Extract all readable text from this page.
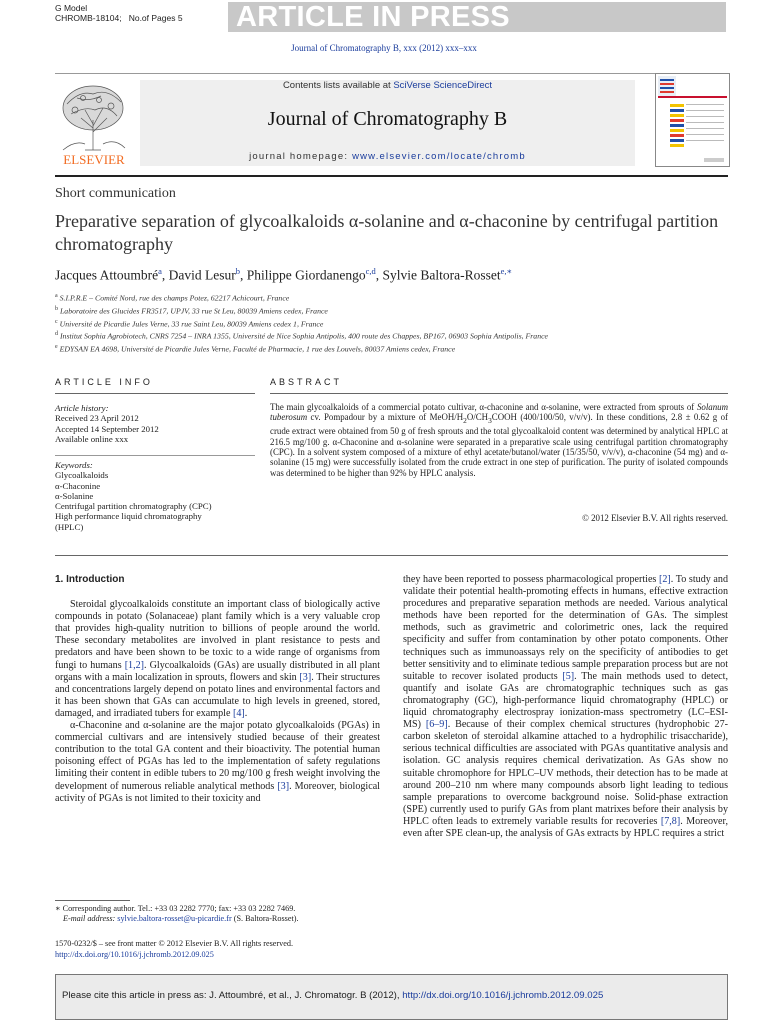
G Model
CHROMB-18104; No.of Pages 5 ARTICLE IN PRESS
Journal of Chromatography B, xxx (2012) xxx–xxx
Contents lists available at SciVerse ScienceDirect
Journal of Chromatography B
journal homepage: www.elsevier.com/locate/chromb
ELSEVIER
Short communication
Preparative separation of glycoalkaloids α-solanine and α-chaconine by centrifugal partition chromatography
Jacques Attoumbré$^a$, David Lesur$^b$, Philippe Giordanengo$^{c,d}$, Sylvie Baltora-Rosset$^{e,∗}$
$^a$ S.I.P.R.E – Comité Nord, rue des champs Potez, 62217 Achicourt, France
$^b$ Laboratoire des Glucides FR3517, UPJV, 33 rue St Leu, 80039 Amiens cedex, France
$^c$ Université de Picardie Jules Verne, 33 rue Saint Leu, 80039 Amiens cedex 1, France
$^d$ Institut Sophia Agrobiotech, CNRS 7254 – INRA 1355, Université de Nice Sophia Antipolis, 400 route des Chappes, BP167, 06903 Sophia Antipolis, France
$^e$ EDYSAN EA 4698, Université de Picardie Jules Verne, Faculté de Pharmacie, 1 rue des Louvels, 80037 Amiens cedex, France
ARTICLE INFO
Article history:
Received 23 April 2012
Accepted 14 September 2012
Available online xxx
Keywords:
Glycoalkaloids
α-Chaconine
α-Solanine
Centrifugal partition chromatography (CPC)
High performance liquid chromatography
(HPLC)
ABSTRACT
The main glycoalkaloids of a commercial potato cultivar, α-chaconine and α-solanine, were extracted from sprouts of Solanum tuberosum cv. Pompadour by a mixture of MeOH/$H_2O/CH_3COOH$ (400/100/50, v/v/v). In these conditions, 2.8 ± 0.62 g of crude extract were obtained from 50 g of fresh sprouts and the total glycoalkaloid content was determined by analytical HPLC at 216.5 mg/100 g. α-Chaconine and α-solanine were separated in a preparative scale using centrifugal partition chromatography (CPC). In a solvent system composed of a mixture of ethyl acetate/butanol/water (15/35/50, v/v/v), α-chaconine (54 mg) and α-solanine (15 mg) were successfully isolated from the crude extract in one step of purification. The purity of isolated compounds was determined to be higher than 92% by HPLC analysis.
© 2012 Elsevier B.V. All rights reserved.
1. Introduction

Steroidal glycoalkaloids constitute an important class of biologically active compounds in potato (Solanaceae) plant family which is a very valuable crop that provides high-quality nutrition to billions of people around the world. These secondary metabolites are involved in plant resistance to pests and predators and have been shown to be toxic to a wide range of organisms from fungi to humans [1,2]. Glycoalkaloids (GAs) are usually distributed in all plant organs with a main localization in sprouts, flowers and skin [3]. Their structures and concentrations largely depend on potato lines and environmental factors and it has been shown that GAs can accumulate to high levels in greened, stored, damaged, and irradiated tubers for example [4].

α-Chaconine and α-solanine are the major potato glycoalkaloids (PGAs) in commercial cultivars and are intensively studied because of their greatest contribution to the total GA content and their bioactivity. The potential human poisoning effect of PGAs has led to the implementation of safety regulations limiting their content in edible tubers to 20 mg/100 g fresh weight involving the development of numerous reliable analytical methods [3]. Moreover, biological activity of PGAs is not limited to their toxicity and

they have been reported to possess pharmacological properties [2]. To study and validate their potential health-promoting effects in humans, effective extraction procedures and preparative separation methods are needed. Various analytical methods have been reported for the determination of GAs. The simplest methods, such as gravimetric and colorimetric ones, lack the required specificity and suffer from contamination by other potato components. Other techniques such as immunoassays rely on the specificity of antibodies to get better sensitivity and to eliminate tedious sample preparation process but are not suitable to recover isolated products [5]. The main methods used to detect, quantify and isolate GAs are chromatographic techniques such as gas chromatography (GC), high-performance liquid chromatography (HPLC) or liquid chromatography electrospray ionization-mass spectrometry (LC–ESI-MS) [6–9]. Because of their complex chemical structures (hydrophobic 27-carbon skeleton of steroidal alkamine attached to a hydrophilic trisaccharide), serious technical difficulties are associated with PGAs quantitative analysis and isolation. GC analysis requires chemical derivatization. As GAs show no suitable chromophore for HPLC–UV methods, their detection has to be made at around 200–210 nm where many compounds absorb light leading to tedious sample preparations to overcome background noise. Solid-phase extraction (SPE) currently used to purify GAs from plant matrixes before their analysis by HPLC often leads to extremely variable results for recoveries [7,8]. Moreover, even after SPE clean-up, the analysis of GAs extracts by HPLC requires a strict

∗ Corresponding author. Tel.: +33 03 2282 7770; fax: +33 03 2282 7469.
E-mail address: sylvie.baltora-rosset@u-picardie.fr (S. Baltora-Rosset).
1570-0232/$ – see front matter © 2012 Elsevier B.V. All rights reserved.
http://dx.doi.org/10.1016/j.jchromb.2012.09.025
Please cite this article in press as: J. Attoumbré, et al., J. Chromatogr. B (2012), http://dx.doi.org/10.1016/j.jchromb.2012.09.025
